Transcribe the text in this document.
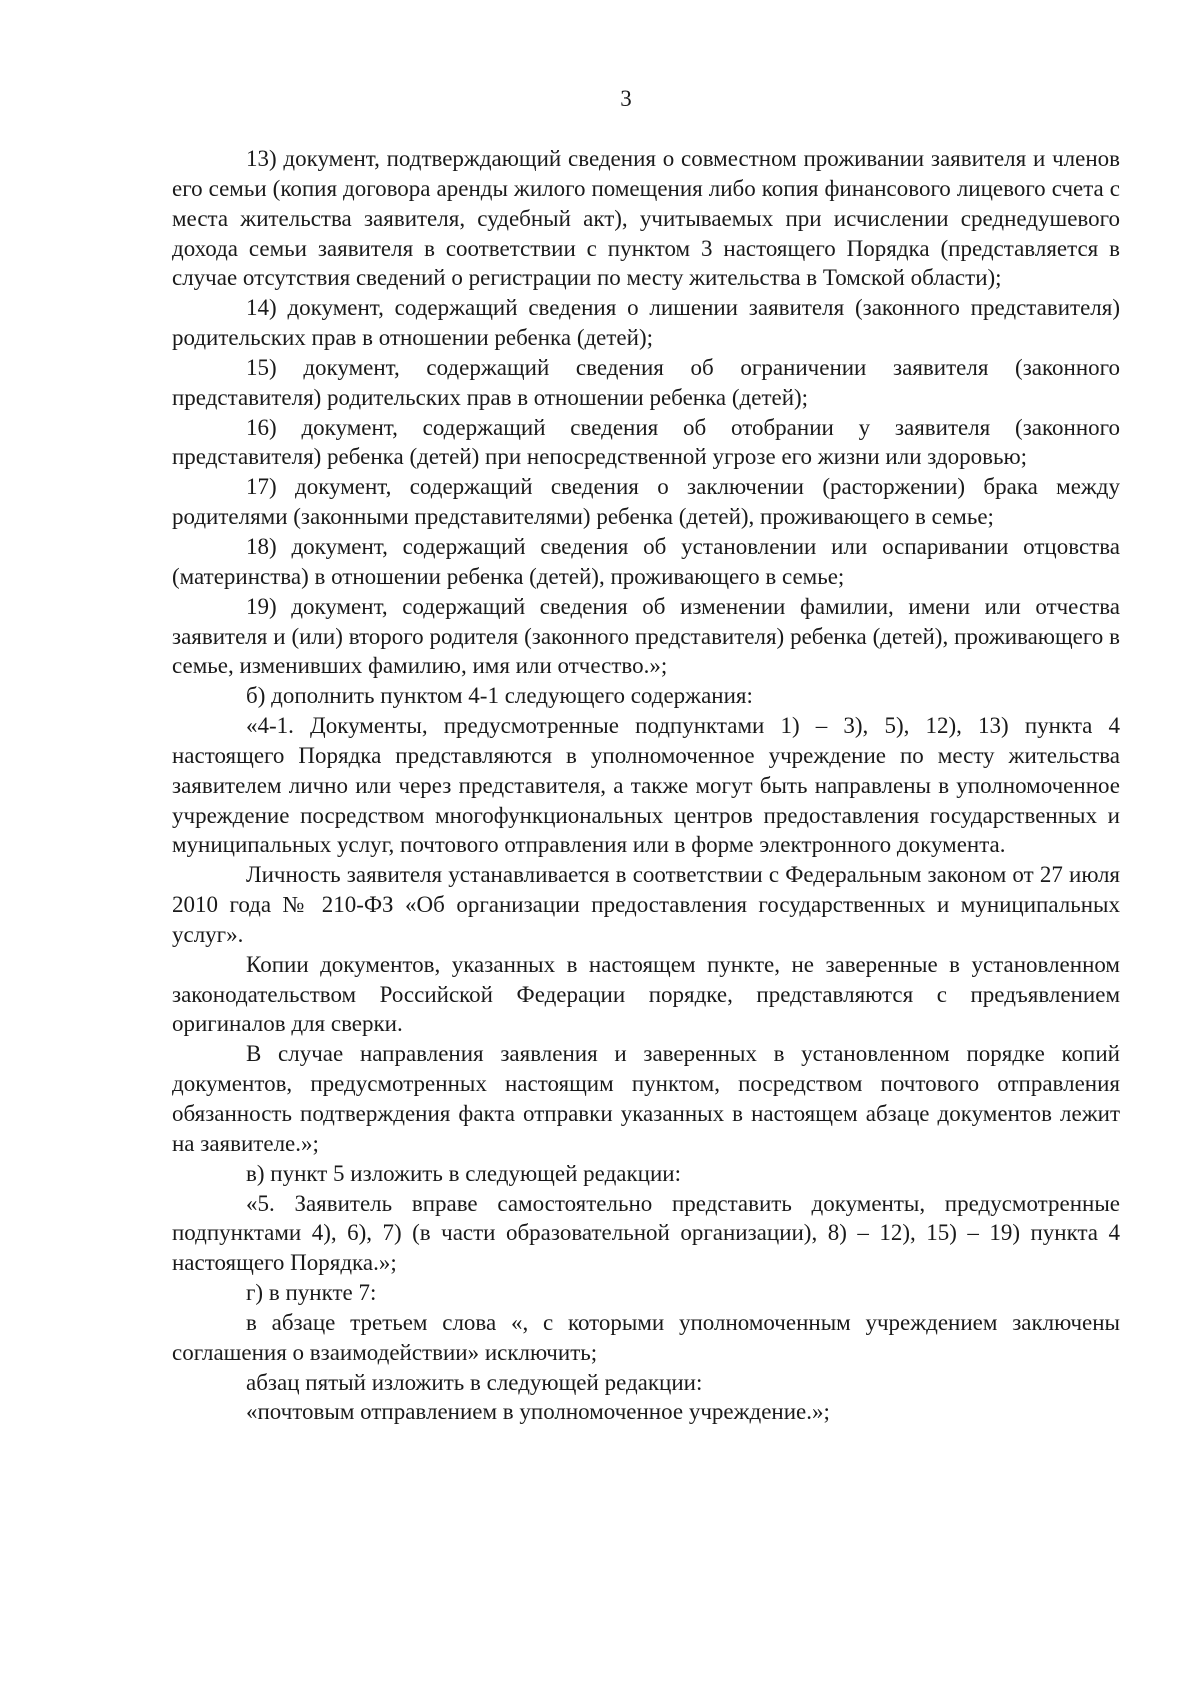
3

13) документ, подтверждающий сведения о совместном проживании заявителя и членов его семьи (копия договора аренды жилого помещения либо копия финансового лицевого счета с места жительства заявителя, судебный акт), учитываемых при исчислении среднедушевого дохода семьи заявителя в соответствии с пунктом 3 настоящего Порядка (представляется в случае отсутствия сведений о регистрации по месту жительства в Томской области);

14) документ, содержащий сведения о лишении заявителя (законного представителя) родительских прав в отношении ребенка (детей);

15) документ, содержащий сведения об ограничении заявителя (законного представителя) родительских прав в отношении ребенка (детей);

16) документ, содержащий сведения об отобрании у заявителя (законного представителя) ребенка (детей) при непосредственной угрозе его жизни или здоровью;

17) документ, содержащий сведения о заключении (расторжении) брака между родителями (законными представителями) ребенка (детей), проживающего в семье;

18) документ, содержащий сведения об установлении или оспаривании отцовства (материнства) в отношении ребенка (детей), проживающего в семье;

19) документ, содержащий сведения об изменении фамилии, имени или отчества заявителя и (или) второго родителя (законного представителя) ребенка (детей), проживающего в семье, изменивших фамилию, имя или отчество.»;

б) дополнить пунктом 4-1 следующего содержания:

«4-1. Документы, предусмотренные подпунктами 1) – 3), 5), 12), 13) пункта 4 настоящего Порядка представляются в уполномоченное учреждение по месту жительства заявителем лично или через представителя, а также могут быть направлены в уполномоченное учреждение посредством многофункциональных центров предоставления государственных и муниципальных услуг, почтового отправления или в форме электронного документа.

Личность заявителя устанавливается в соответствии с Федеральным законом от 27 июля 2010 года № 210-ФЗ «Об организации предоставления государственных и муниципальных услуг».

Копии документов, указанных в настоящем пункте, не заверенные в установленном законодательством Российской Федерации порядке, представляются с предъявлением оригиналов для сверки.

В случае направления заявления и заверенных в установленном порядке копий документов, предусмотренных настоящим пунктом, посредством почтового отправления обязанность подтверждения факта отправки указанных в настоящем абзаце документов лежит на заявителе.»;

в) пункт 5 изложить в следующей редакции:

«5. Заявитель вправе самостоятельно представить документы, предусмотренные подпунктами 4), 6), 7) (в части образовательной организации), 8) – 12), 15) – 19) пункта 4 настоящего Порядка.»;

г) в пункте 7:

в абзаце третьем слова «, с которыми уполномоченным учреждением заключены соглашения о взаимодействии» исключить;

абзац пятый изложить в следующей редакции:

«почтовым отправлением в уполномоченное учреждение.»;
